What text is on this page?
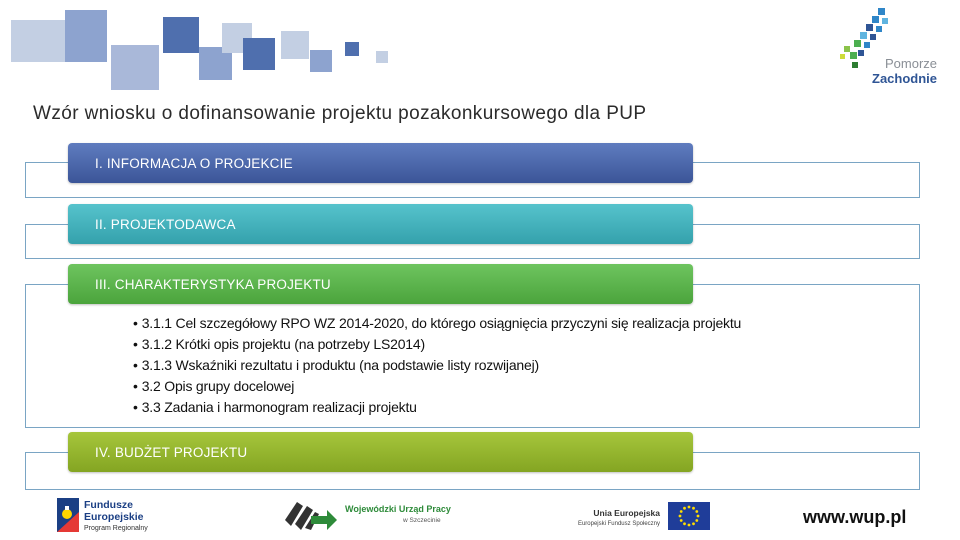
Pomorze
Zachodnie
Wzór wniosku o dofinansowanie projektu pozakonkursowego dla PUP
I. INFORMACJA O PROJEKCIE
II. PROJEKTODAWCA
III. CHARAKTERYSTYKA PROJEKTU
IV. BUDŻET PROJEKTU
• 3.1.1 Cel szczegółowy RPO WZ 2014-2020, do którego osiągnięcia przyczyni się realizacja projektu
• 3.1.2 Krótki opis projektu (na potrzeby LS2014)
• 3.1.3 Wskaźniki rezultatu i produktu (na podstawie listy rozwijanej)
• 3.2 Opis grupy docelowej
• 3.3 Zadania i harmonogram realizacji projektu
Fundusze
Europejskie
Program Regionalny
Wojewódzki Urząd Pracy
w Szczecinie
Unia Europejska
Europejski Fundusz Społeczny	www.wup.pl
